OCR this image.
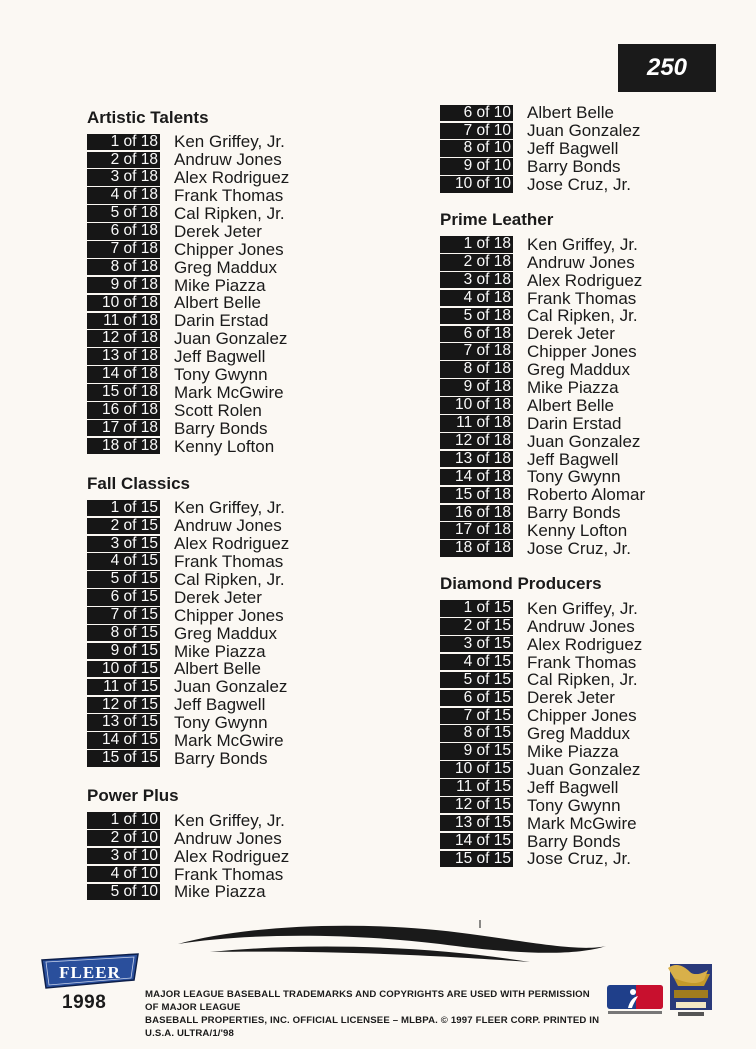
250
Artistic Talents
1 of 18 Ken Griffey, Jr.
2 of 18 Andruw Jones
3 of 18 Alex Rodriguez
4 of 18 Frank Thomas
5 of 18 Cal Ripken, Jr.
6 of 18 Derek Jeter
7 of 18 Chipper Jones
8 of 18 Greg Maddux
9 of 18 Mike Piazza
10 of 18 Albert Belle
11 of 18 Darin Erstad
12 of 18 Juan Gonzalez
13 of 18 Jeff Bagwell
14 of 18 Tony Gwynn
15 of 18 Mark McGwire
16 of 18 Scott Rolen
17 of 18 Barry Bonds
18 of 18 Kenny Lofton
Fall Classics
1 of 15 Ken Griffey, Jr.
2 of 15 Andruw Jones
3 of 15 Alex Rodriguez
4 of 15 Frank Thomas
5 of 15 Cal Ripken, Jr.
6 of 15 Derek Jeter
7 of 15 Chipper Jones
8 of 15 Greg Maddux
9 of 15 Mike Piazza
10 of 15 Albert Belle
11 of 15 Juan Gonzalez
12 of 15 Jeff Bagwell
13 of 15 Tony Gwynn
14 of 15 Mark McGwire
15 of 15 Barry Bonds
Power Plus
1 of 10 Ken Griffey, Jr.
2 of 10 Andruw Jones
3 of 10 Alex Rodriguez
4 of 10 Frank Thomas
5 of 10 Mike Piazza
6 of 10 Albert Belle
7 of 10 Juan Gonzalez
8 of 10 Jeff Bagwell
9 of 10 Barry Bonds
10 of 10 Jose Cruz, Jr.
Prime Leather
1 of 18 Ken Griffey, Jr.
2 of 18 Andruw Jones
3 of 18 Alex Rodriguez
4 of 18 Frank Thomas
5 of 18 Cal Ripken, Jr.
6 of 18 Derek Jeter
7 of 18 Chipper Jones
8 of 18 Greg Maddux
9 of 18 Mike Piazza
10 of 18 Albert Belle
11 of 18 Darin Erstad
12 of 18 Juan Gonzalez
13 of 18 Jeff Bagwell
14 of 18 Tony Gwynn
15 of 18 Roberto Alomar
16 of 18 Barry Bonds
17 of 18 Kenny Lofton
18 of 18 Jose Cruz, Jr.
Diamond Producers
1 of 15 Ken Griffey, Jr.
2 of 15 Andruw Jones
3 of 15 Alex Rodriguez
4 of 15 Frank Thomas
5 of 15 Cal Ripken, Jr.
6 of 15 Derek Jeter
7 of 15 Chipper Jones
8 of 15 Greg Maddux
9 of 15 Mike Piazza
10 of 15 Juan Gonzalez
11 of 15 Jeff Bagwell
12 of 15 Tony Gwynn
13 of 15 Mark McGwire
14 of 15 Barry Bonds
15 of 15 Jose Cruz, Jr.
FLEER
1998	MAJOR LEAGUE BASEBALL TRADEMARKS AND COPYRIGHTS ARE USED WITH PERMISSION OF MAJOR LEAGUE
BASEBALL PROPERTIES, INC. OFFICIAL LICENSEE – MLBPA. © 1997 FLEER CORP. PRINTED IN U.S.A. ULTRA/1/'98
